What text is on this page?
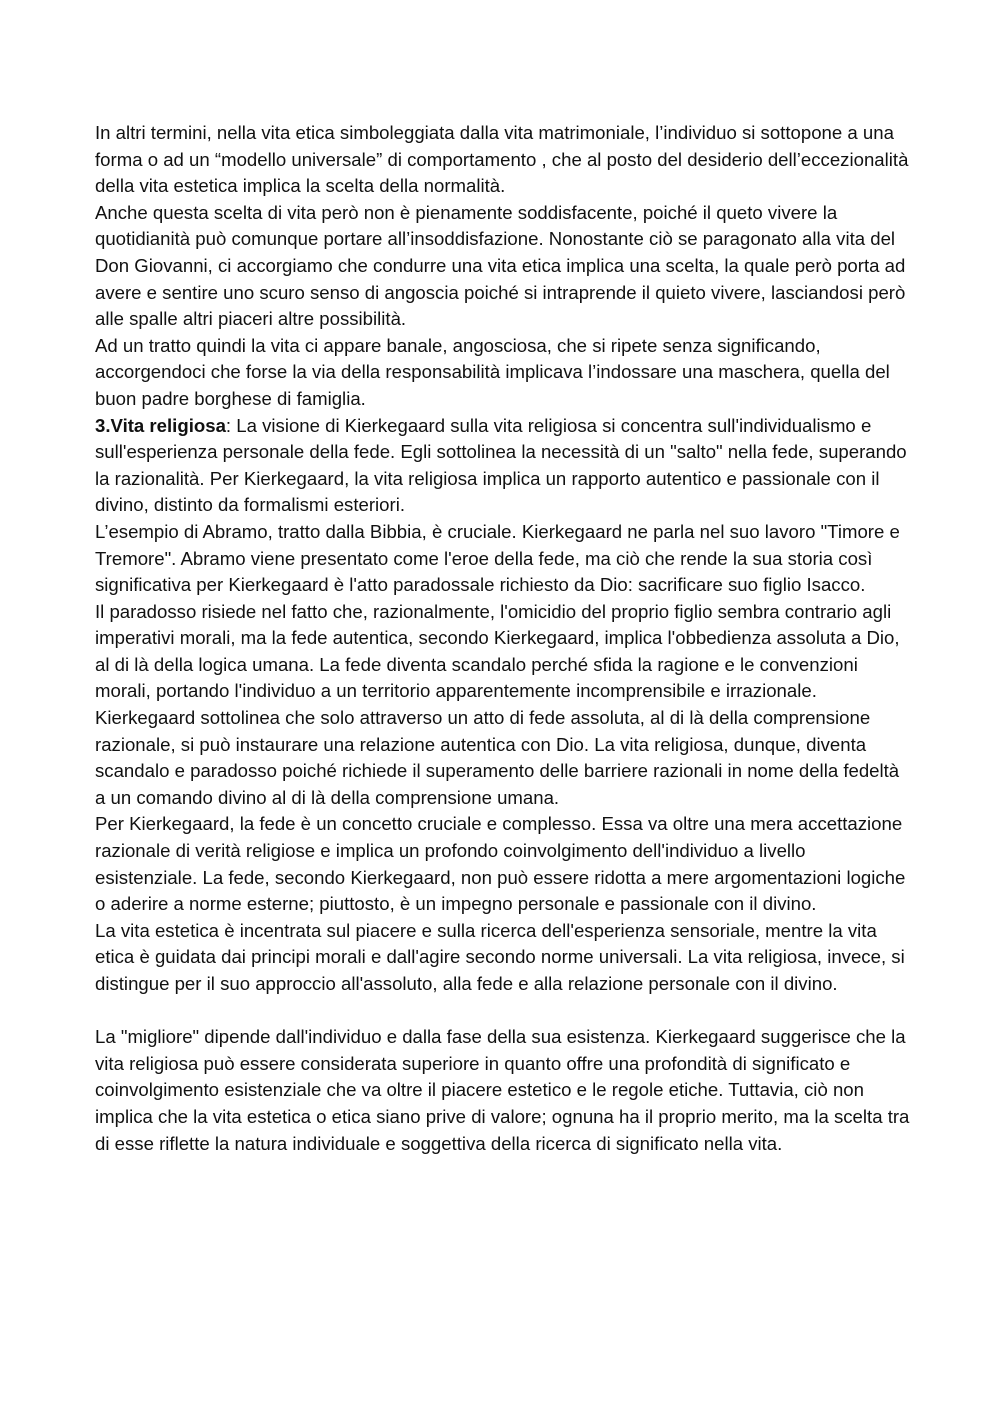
In altri termini, nella vita etica simboleggiata dalla vita matrimoniale, l’individuo si sottopone a una forma o ad un “modello universale” di comportamento , che al posto del desiderio dell’eccezionalità della vita estetica implica la scelta della normalità.

Anche questa scelta di vita però non è pienamente soddisfacente, poiché il queto vivere la quotidianità può comunque portare all’insoddisfazione. Nonostante ciò se paragonato alla vita del Don Giovanni, ci accorgiamo che condurre una vita etica implica una scelta, la quale però porta ad avere e sentire uno scuro senso di angoscia poiché si intraprende il quieto vivere, lasciandosi però alle spalle altri piaceri altre possibilità.

Ad un tratto quindi la vita ci appare banale, angosciosa, che si ripete senza significando, accorgendoci che forse la via della responsabilità implicava l’indossare una maschera, quella del buon padre borghese di famiglia.

3.Vita religiosa: La visione di Kierkegaard sulla vita religiosa si concentra sull'individualismo e sull'esperienza personale della fede. Egli sottolinea la necessità di un "salto" nella fede, superando la razionalità. Per Kierkegaard, la vita religiosa implica un rapporto autentico e passionale con il divino, distinto da formalismi esteriori.

L’esempio di Abramo, tratto dalla Bibbia, è cruciale. Kierkegaard ne parla nel suo lavoro "Timore e Tremore". Abramo viene presentato come l'eroe della fede, ma ciò che rende la sua storia così significativa per Kierkegaard è l'atto paradossale richiesto da Dio: sacrificare suo figlio Isacco.

Il paradosso risiede nel fatto che, razionalmente, l'omicidio del proprio figlio sembra contrario agli imperativi morali, ma la fede autentica, secondo Kierkegaard, implica l'obbedienza assoluta a Dio, al di là della logica umana. La fede diventa scandalo perché sfida la ragione e le convenzioni morali, portando l'individuo a un territorio apparentemente incomprensibile e irrazionale.

Kierkegaard sottolinea che solo attraverso un atto di fede assoluta, al di là della comprensione razionale, si può instaurare una relazione autentica con Dio. La vita religiosa, dunque, diventa scandalo e paradosso poiché richiede il superamento delle barriere razionali in nome della fedeltà a un comando divino al di là della comprensione umana.

Per Kierkegaard, la fede è un concetto cruciale e complesso. Essa va oltre una mera accettazione razionale di verità religiose e implica un profondo coinvolgimento dell'individuo a livello esistenziale. La fede, secondo Kierkegaard, non può essere ridotta a mere argomentazioni logiche o aderire a norme esterne; piuttosto, è un impegno personale e passionale con il divino.

La vita estetica è incentrata sul piacere e sulla ricerca dell'esperienza sensoriale, mentre la vita etica è guidata dai principi morali e dall'agire secondo norme universali. La vita religiosa, invece, si distingue per il suo approccio all'assoluto, alla fede e alla relazione personale con il divino.

La "migliore" dipende dall'individuo e dalla fase della sua esistenza. Kierkegaard suggerisce che la vita religiosa può essere considerata superiore in quanto offre una profondità di significato e coinvolgimento esistenziale che va oltre il piacere estetico e le regole etiche. Tuttavia, ciò non implica che la vita estetica o etica siano prive di valore; ognuna ha il proprio merito, ma la scelta tra di esse riflette la natura individuale e soggettiva della ricerca di significato nella vita.
